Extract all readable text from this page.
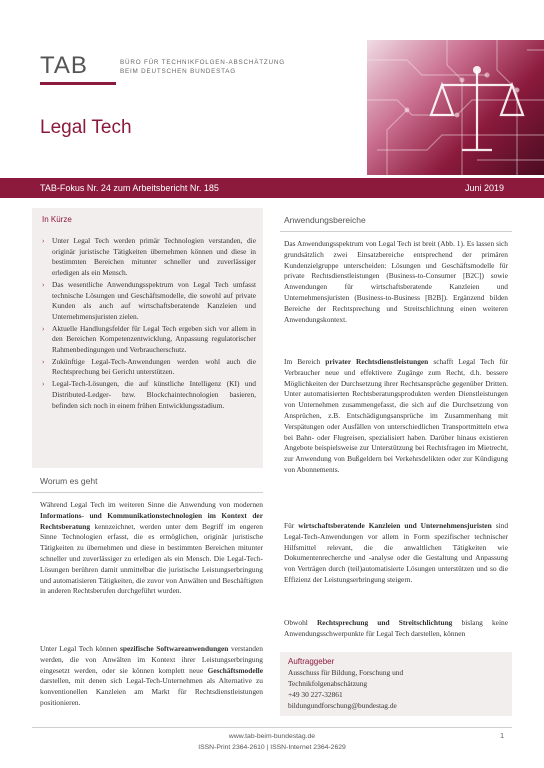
TAB	BÜRO FÜR TECHNIKFOLGEN-ABSCHÄTZUNG
BEIM DEUTSCHEN BUNDESTAG
Legal Tech
TAB-Fokus Nr. 24 zum Arbeitsbericht Nr. 185	Juni 2019
In Kürze
› Unter Legal Tech werden primär Technologien verstanden, die originär juristische Tätigkeiten übernehmen können und diese in bestimmten Bereichen mitunter schneller und zuverlässiger erledigen als ein Mensch.
› Das wesentliche Anwendungsspektrum von Legal Tech umfasst technische Lösungen und Geschäftsmodelle, die sowohl auf private Kunden als auch auf wirtschaftsberatende Kanzleien und Unternehmensjuristen zielen.
› Aktuelle Handlungsfelder für Legal Tech ergeben sich vor allem in den Bereichen Kompetenzentwicklung, Anpassung regulatorischer Rahmenbedingungen und Verbraucherschutz.
› Zukünftige Legal-Tech-Anwendungen werden wohl auch die Rechtsprechung bei Gericht unterstützen.
› Legal-Tech-Lösungen, die auf künstliche Intelligenz (KI) und Distributed-Ledger- bzw. Blockchaintechnologien basieren, befinden sich noch in einem frühen Entwicklungsstadium.
Worum es geht
Während Legal Tech im weiteren Sinne die Anwendung von modernen Informations- und Kommunikationstechnologien im Kontext der Rechtsberatung kennzeichnet, werden unter dem Begriff im engeren Sinne Technologien erfasst, die es ermöglichen, originär juristische Tätigkeiten zu übernehmen und diese in bestimmten Bereichen mitunter schneller und zuverlässiger zu erledigen als ein Mensch. Die Legal-Tech-Lösungen berühren damit unmittelbar die juristische Leistungserbringung und automatisieren Tätigkeiten, die zuvor von Anwälten und Beschäftigten in anderen Rechtsberufen durchgeführt wurden.
Unter Legal Tech können spezifische Softwareanwendungen verstanden werden, die von Anwälten im Kontext ihrer Leistungserbringung eingesetzt werden, oder sie können komplett neue Geschäftsmodelle darstellen, mit denen sich Legal-Tech-Unternehmen als Alternative zu konventionellen Kanzleien am Markt für Rechtsdienstleistungen positionieren.
Anwendungsbereiche
Das Anwendungsspektrum von Legal Tech ist breit (Abb. 1). Es lassen sich grundsätzlich zwei Einsatzbereiche entsprechend der primären Kundenzielgruppe unterscheiden: Lösungen und Geschäftsmodelle für private Rechtsdienstleistungen (Business-to-Consumer [B2C]) sowie Anwendungen für wirtschaftsberatende Kanzleien und Unternehmensjuristen (Business-to-Business [B2B]). Ergänzend bilden Bereiche der Rechtsprechung und Streitschlichtung einen weiteren Anwendungskontext.
Im Bereich privater Rechtsdienstleistungen schafft Legal Tech für Verbraucher neue und effektivere Zugänge zum Recht, d.h. bessere Möglichkeiten der Durchsetzung ihrer Rechtsansprüche gegenüber Dritten. Unter automatisierten Rechtsberatungsprodukten werden Dienstleistungen von Unternehmen zusammengefasst, die sich auf die Durchsetzung von Ansprüchen, z.B. Entschädigungsansprüche im Zusammenhang mit Verspätungen oder Ausfällen von unterschiedlichen Transportmitteln etwa bei Bahn- oder Flugreisen, spezialisiert haben. Darüber hinaus existieren Angebote beispielsweise zur Unterstützung bei Rechtsfragen im Mietrecht, zur Anwendung von Bußgeldern bei Verkehrsdelikten oder zur Kündigung von Abonnements.
Für wirtschaftsberatende Kanzleien und Unternehmensjuristen sind Legal-Tech-Anwendungen vor allem in Form spezifischer technischer Hilfsmittel relevant, die die anwaltlichen Tätigkeiten wie Dokumentenrecherche und -analyse oder die Gestaltung und Anpassung von Verträgen durch (teil)automatisierte Lösungen unterstützen und so die Effizienz der Leistungserbringung steigern.
Obwohl Rechtsprechung und Streitschlichtung bislang keine Anwendungsschwerpunkte für Legal Tech darstellen, können
Auftraggeber
Ausschuss für Bildung, Forschung und
Technikfolgenabschätzung
+49 30 227-32861
bildungundforschung@bundestag.de
www.tab-beim-bundestag.de
ISSN-Print 2364-2610 | ISSN-Internet 2364-2629
1
